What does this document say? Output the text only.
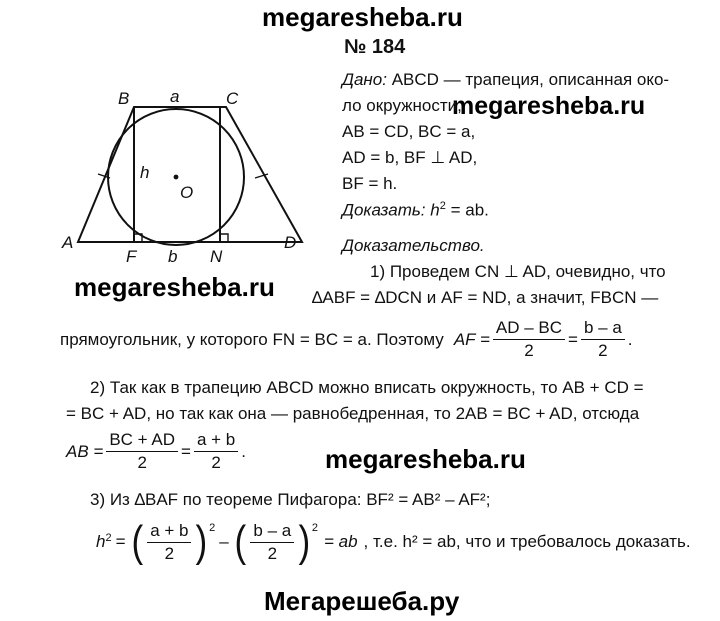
megaresheba.ru
megaresheba.ru
megaresheba.ru
megaresheba.ru
Мегарешеба.ру
№ 184
B a	C
h
O
A	D
F b N
Дано: ABCD — трапеция, описанная око-
ло окружности,
AB = CD, BC = a,
AD = b, BF ⊥ AD,
BF = h.
Доказать: $h^2$ = ab.
Доказательство.
1) Проведем CN ⊥ AD, очевидно, что
∆ABF = ∆DCN и AF = ND, а значит, FBCN —
прямоугольник, у которого FN = BC = a. Поэтому AF = $\frac{AD - BC}{2} = \frac{b - a}{2}$ .
2) Так как в трапецию ABCD можно вписать окружность, то AB + CD =
= BC + AD, но так как она — равнобедренная, то 2AB = BC + AD, отсюда
AB = $\frac{BC + AD}{2} = \frac{a + b}{2}$ .
3) Из ∆BAF по теореме Пифагора: BF² = AB² – AF²;
$h^2$ = ( $\frac{a + b}{2} )^2$
– ( $\frac{b - a}{2} )^2$
= ab , т.е. h² = ab, что и требовалось доказать.
